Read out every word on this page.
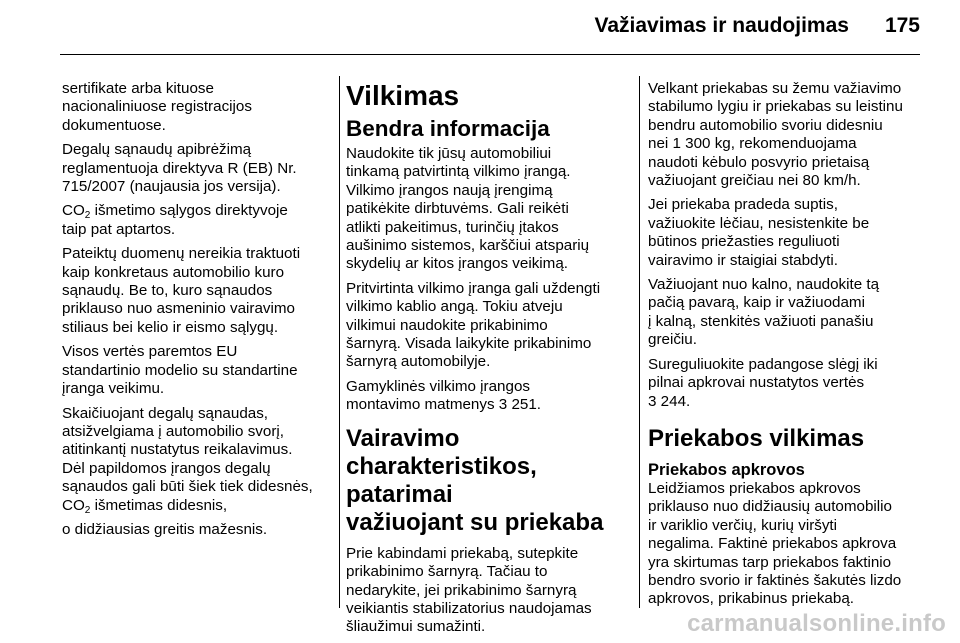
Važiavimas ir naudojimas 175

sertifikate arba kituose
nacionaliniuose registracijos
dokumentuose.

Degalų sąnaudų apibrėžimą
reglamentuoja direktyva R (EB) Nr.
715/2007 (naujausia jos versija).

$CO_2$ išmetimo sąlygos direktyvoje
taip pat aptartos.

Pateiktų duomenų nereikia traktuoti
kaip konkretaus automobilio kuro
sąnaudų. Be to, kuro sąnaudos
priklauso nuo asmeninio vairavimo
stiliaus bei kelio ir eismo sąlygų.

Visos vertės paremtos EU
standartinio modelio su standartine
įranga veikimu.

Skaičiuojant degalų sąnaudas,
atsižvelgiama į automobilio svorį,
atitinkantį nustatytus reikalavimus.
Dėl papildomos įrangos degalų
sąnaudos gali būti šiek tiek didesnės,
$CO_2$ išmetimas didesnis,

o didžiausias greitis mažesnis.

Vilkimas
Bendra informacija

Naudokite tik jūsų automobiliui
tinkamą patvirtintą vilkimo įrangą.
Vilkimo įrangos naują įrengimą
patikėkite dirbtuvėms. Gali reikėti
atlikti pakeitimus, turinčių įtakos
aušinimo sistemos, karščiui atsparių
skydelių ar kitos įrangos veikimą.

Pritvirtinta vilkimo įranga gali uždengti
vilkimo kablio angą. Tokiu atveju
vilkimui naudokite prikabinimo
šarnyrą. Visada laikykite prikabinimo
šarnyrą automobilyje.

Gamyklinės vilkimo įrangos
montavimo matmenys 3 251.

Vairavimo
charakteristikos, patarimai
važiuojant su priekaba

Prie kabindami priekabą, sutepkite
prikabinimo šarnyrą. Tačiau to
nedarykite, jei prikabinimo šarnyrą
veikiantis stabilizatorius naudojamas
šliaužimui sumažinti.

Velkant priekabas su žemu važiavimo
stabilumo lygiu ir priekabas su leistinu
bendru automobilio svoriu didesniu
nei 1 300 kg, rekomenduojama
naudoti kėbulo posvyrio prietaisą
važiuojant greičiau nei 80 km/h.

Jei priekaba pradeda suptis,
važiuokite lėčiau, nesistenkite be
būtinos priežasties reguliuoti
vairavimo ir staigiai stabdyti.

Važiuojant nuo kalno, naudokite tą
pačią pavarą, kaip ir važiuodami
į kalną, stenkitės važiuoti panašiu
greičiu.

Sureguliuokite padangose slėgį iki
pilnai apkrovai nustatytos vertės
3 244.

Priekabos vilkimas
Priekabos apkrovos

Leidžiamos priekabos apkrovos
priklauso nuo didžiausių automobilio
ir variklio verčių, kurių viršyti
negalima. Faktinė priekabos apkrova
yra skirtumas tarp priekabos faktinio
bendro svorio ir faktinės šakutės lizdo
apkrovos, prikabinus priekabą.

carmanualsonline.info
